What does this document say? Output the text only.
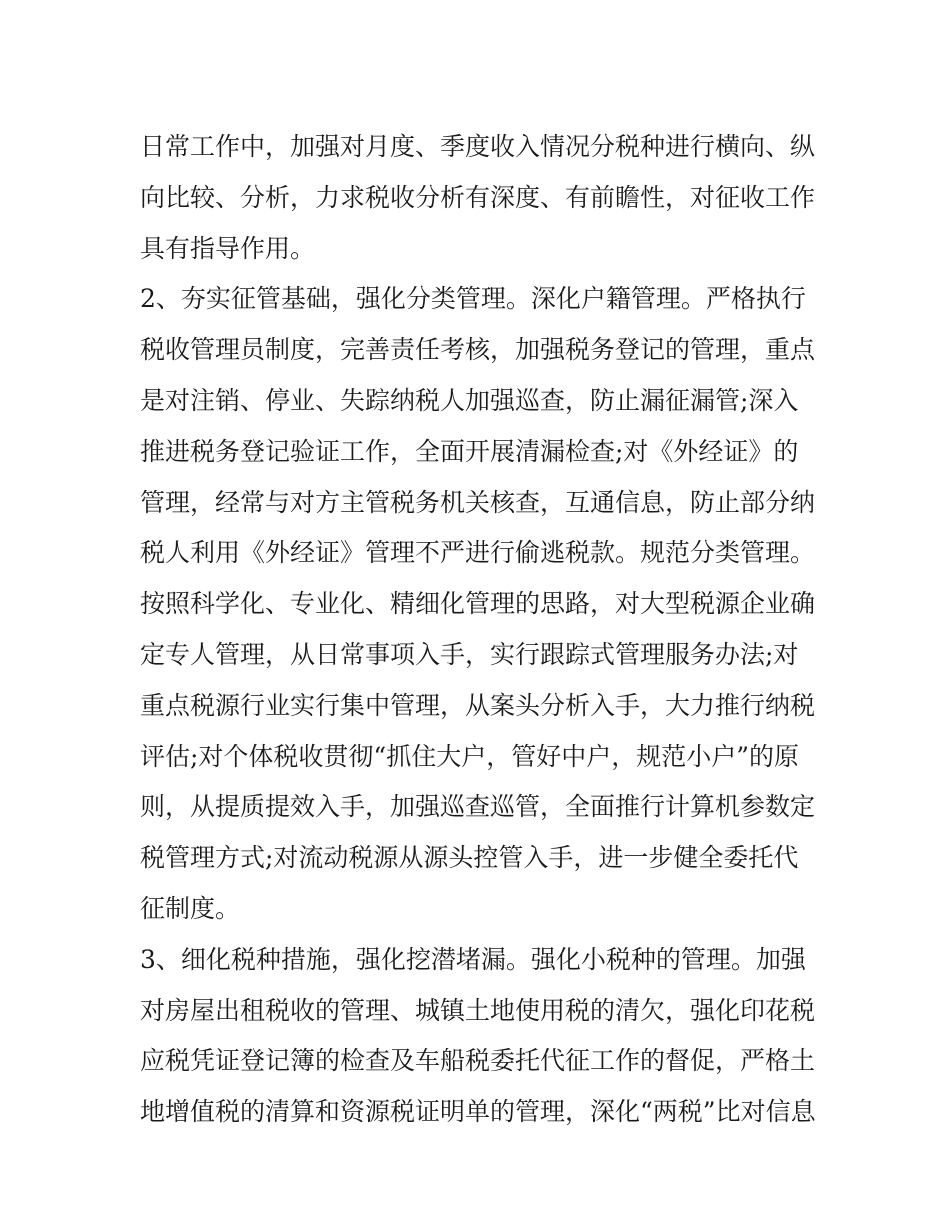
日常工作中，加强对月度、季度收入情况分税种进行横向、纵
向比较、分析，力求税收分析有深度、有前瞻性，对征收工作
具有指导作用。
2、夯实征管基础，强化分类管理。深化户籍管理。严格执行
税收管理员制度，完善责任考核，加强税务登记的管理，重点
是对注销、停业、失踪纳税人加强巡查，防止漏征漏管;深入
推进税务登记验证工作，全面开展清漏检查;对《外经证》的
管理，经常与对方主管税务机关核查，互通信息，防止部分纳
税人利用《外经证》管理不严进行偷逃税款。规范分类管理。
按照科学化、专业化、精细化管理的思路，对大型税源企业确
定专人管理，从日常事项入手，实行跟踪式管理服务办法;对
重点税源行业实行集中管理，从案头分析入手，大力推行纳税
评估;对个体税收贯彻“抓住大户，管好中户，规范小户”的原
则，从提质提效入手，加强巡查巡管，全面推行计算机参数定
税管理方式;对流动税源从源头控管入手，进一步健全委托代
征制度。
3、细化税种措施，强化挖潜堵漏。强化小税种的管理。加强
对房屋出租税收的管理、城镇土地使用税的清欠，强化印花税
应税凭证登记簿的检查及车船税委托代征工作的督促，严格土
地增值税的清算和资源税证明单的管理，深化“两税”比对信息
